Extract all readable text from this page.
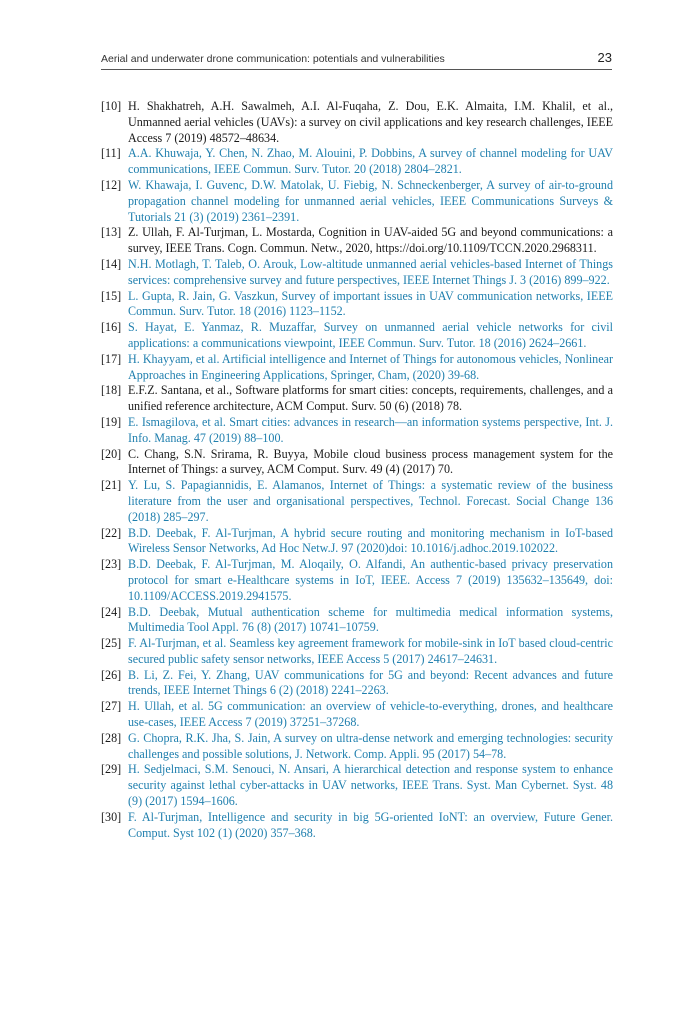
Aerial and underwater drone communication: potentials and vulnerabilities	23
[10] H. Shakhatreh, A.H. Sawalmeh, A.I. Al-Fuqaha, Z. Dou, E.K. Almaita, I.M. Khalil, et al., Unmanned aerial vehicles (UAVs): a survey on civil applications and key research challenges, IEEE Access 7 (2019) 48572–48634.
[11] A.A. Khuwaja, Y. Chen, N. Zhao, M. Alouini, P. Dobbins, A survey of channel modeling for UAV communications, IEEE Commun. Surv. Tutor. 20 (2018) 2804–2821.
[12] W. Khawaja, I. Guvenc, D.W. Matolak, U. Fiebig, N. Schneckenberger, A survey of air-to-ground propagation channel modeling for unmanned aerial vehicles, IEEE Communications Surveys & Tutorials 21 (3) (2019) 2361–2391.
[13] Z. Ullah, F. Al-Turjman, L. Mostarda, Cognition in UAV-aided 5G and beyond communications: a survey, IEEE Trans. Cogn. Commun. Netw., 2020, https://doi.org/10.1109/TCCN.2020.2968311.
[14] N.H. Motlagh, T. Taleb, O. Arouk, Low-altitude unmanned aerial vehicles-based Internet of Things services: comprehensive survey and future perspectives, IEEE Internet Things J. 3 (2016) 899–922.
[15] L. Gupta, R. Jain, G. Vaszkun, Survey of important issues in UAV communication networks, IEEE Commun. Surv. Tutor. 18 (2016) 1123–1152.
[16] S. Hayat, E. Yanmaz, R. Muzaffar, Survey on unmanned aerial vehicle networks for civil applications: a communications viewpoint, IEEE Commun. Surv. Tutor. 18 (2016) 2624–2661.
[17] H. Khayyam, et al. Artificial intelligence and Internet of Things for autonomous vehicles, Nonlinear Approaches in Engineering Applications, Springer, Cham, (2020) 39-68.
[18] E.F.Z. Santana, et al., Software platforms for smart cities: concepts, requirements, challenges, and a unified reference architecture, ACM Comput. Surv. 50 (6) (2018) 78.
[19] E. Ismagilova, et al. Smart cities: advances in research—an information systems perspective, Int. J. Info. Manag. 47 (2019) 88–100.
[20] C. Chang, S.N. Srirama, R. Buyya, Mobile cloud business process management system for the Internet of Things: a survey, ACM Comput. Surv. 49 (4) (2017) 70.
[21] Y. Lu, S. Papagiannidis, E. Alamanos, Internet of Things: a systematic review of the business literature from the user and organisational perspectives, Technol. Forecast. Social Change 136 (2018) 285–297.
[22] B.D. Deebak, F. Al-Turjman, A hybrid secure routing and monitoring mechanism in IoT-based Wireless Sensor Networks, Ad Hoc Netw.J. 97 (2020)doi: 10.1016/j.adhoc.2019.102022.
[23] B.D. Deebak, F. Al-Turjman, M. Aloqaily, O. Alfandi, An authentic-based privacy preservation protocol for smart e-Healthcare systems in IoT, IEEE. Access 7 (2019) 135632–135649, doi: 10.1109/ACCESS.2019.2941575.
[24] B.D. Deebak, Mutual authentication scheme for multimedia medical information systems, Multimedia Tool Appl. 76 (8) (2017) 10741–10759.
[25] F. Al-Turjman, et al. Seamless key agreement framework for mobile-sink in IoT based cloud-centric secured public safety sensor networks, IEEE Access 5 (2017) 24617–24631.
[26] B. Li, Z. Fei, Y. Zhang, UAV communications for 5G and beyond: Recent advances and future trends, IEEE Internet Things 6 (2) (2018) 2241–2263.
[27] H. Ullah, et al. 5G communication: an overview of vehicle-to-everything, drones, and healthcare use-cases, IEEE Access 7 (2019) 37251–37268.
[28] G. Chopra, R.K. Jha, S. Jain, A survey on ultra-dense network and emerging technologies: security challenges and possible solutions, J. Network. Comp. Appli. 95 (2017) 54–78.
[29] H. Sedjelmaci, S.M. Senouci, N. Ansari, A hierarchical detection and response system to enhance security against lethal cyber-attacks in UAV networks, IEEE Trans. Syst. Man Cybernet. Syst. 48 (9) (2017) 1594–1606.
[30] F. Al-Turjman, Intelligence and security in big 5G-oriented IoNT: an overview, Future Gener. Comput. Syst 102 (1) (2020) 357–368.
